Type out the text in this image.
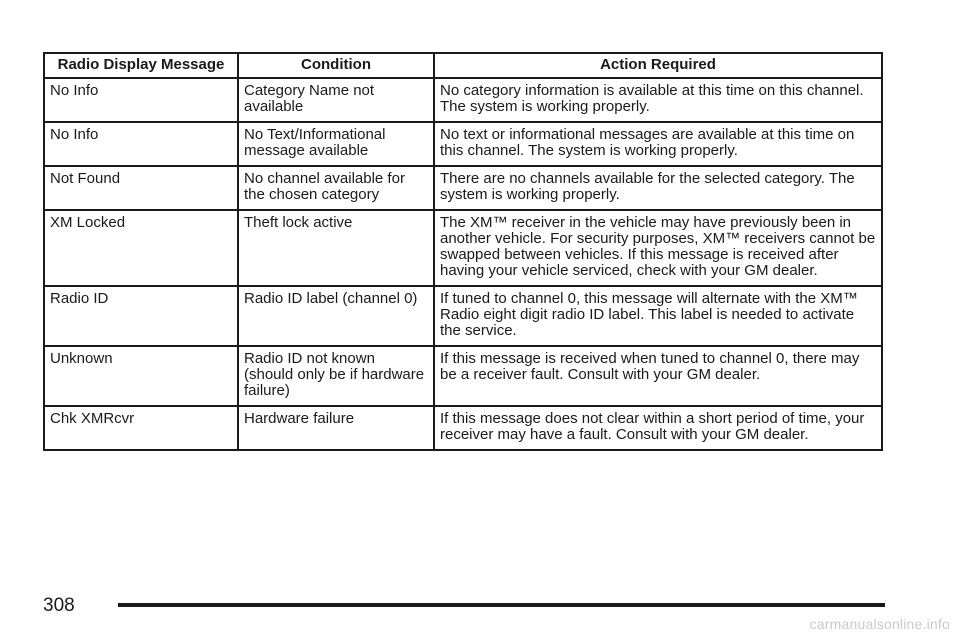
Radio Display Message	Condition	Action Required
No Info	Category Name not available	No category information is available at this time on this channel. The system is working properly.
No Info	No Text/Informational message available	No text or informational messages are available at this time on this channel. The system is working properly.
Not Found	No channel available for the chosen category	There are no channels available for the selected category. The system is working properly.
XM Locked	Theft lock active	The XM™ receiver in the vehicle may have previously been in another vehicle. For security purposes, XM™ receivers cannot be swapped between vehicles. If this message is received after having your vehicle serviced, check with your GM dealer.
Radio ID	Radio ID label (channel 0)	If tuned to channel 0, this message will alternate with the XM™ Radio eight digit radio ID label. This label is needed to activate the service.
Unknown	Radio ID not known (should only be if hardware failure)	If this message is received when tuned to channel 0, there may be a receiver fault. Consult with your GM dealer.
Chk XMRcvr	Hardware failure	If this message does not clear within a short period of time, your receiver may have a fault. Consult with your GM dealer.
308
carmanualsonline.info
